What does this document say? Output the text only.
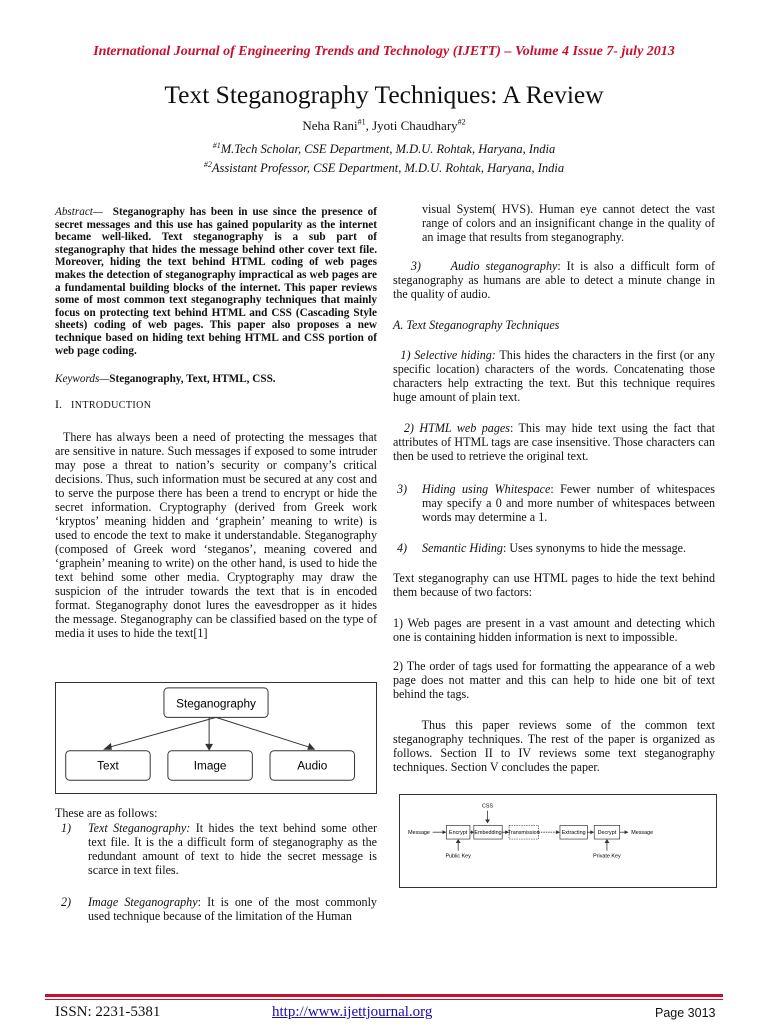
International Journal of Engineering Trends and Technology (IJETT) – Volume 4 Issue 7- july 2013
Text Steganography Techniques: A Review
Neha Rani$^{\#1}$, Jyoti Chaudhary$^{\#2}$
$^{\#1}$M.Tech Scholar, CSE Department, M.D.U. Rohtak, Haryana, India
$^{\#2}$Assistant Professor, CSE Department, M.D.U. Rohtak, Haryana, India
Abstract— Steganography has been in use since the presence of secret messages and this use has gained popularity as the internet became well-liked. Text steganography is a sub part of steganography that hides the message behind other cover text file. Moreover, hiding the text behind HTML coding of web pages makes the detection of steganography impractical as web pages are a fundamental building blocks of the internet. This paper reviews some of most common text steganography techniques that mainly focus on protecting text behind HTML and CSS (Cascading Style sheets) coding of web pages. This paper also proposes a new technique based on hiding text behing HTML and CSS portion of web page coding.
Keywords—Steganography, Text, HTML, CSS.
I. INTRODUCTION
There has always been a need of protecting the messages that are sensitive in nature. Such messages if exposed to some intruder may pose a threat to nation’s security or company’s critical decisions. Thus, such information must be secured at any cost and to serve the purpose there has been a trend to encrypt or hide the secret information. Cryptography (derived from Greek work ‘kryptos’ meaning hidden and ‘graphein’ meaning to write) is used to encode the text to make it understandable. Steganography (composed of Greek word ‘steganos’, meaning covered and ‘graphein’ meaning to write) on the other hand, is used to hide the text behind some other media. Cryptography may draw the suspicion of the intruder towards the text that is in encoded format. Steganography donot lures the eavesdropper as it hides the message. Steganography can be classified based on the type of media it uses to hide the text[1]
Steganography
Text	Image	Audio
These are as follows:
1) Text Steganography: It hides the text behind some other text file. It is the a difficult form of steganography as the redundant amount of text to hide the secret message is scarce in text files.
2) Image Steganography: It is one of the most commonly used technique because of the limitation of the Human
visual System( HVS). Human eye cannot detect the vast range of colors and an insignificant change in the quality of an image that results from steganography.
3) Audio steganography: It is also a difficult form of steganography as humans are able to detect a minute change in the quality of audio.
A. Text Steganography Techniques
1) Selective hiding: This hides the characters in the first (or any specific location) characters of the words. Concatenating those characters help extracting the text. But this technique requires huge amount of plain text.
2) HTML web pages: This may hide text using the fact that attributes of HTML tags are case insensitive. Those characters can then be used to retrieve the original text.
3) Hiding using Whitespace: Fewer number of whitespaces may specify a 0 and more number of whitespaces between words may determine a 1.
4) Semantic Hiding: Uses synonyms to hide the message.
Text steganography can use HTML pages to hide the text behind them because of two factors:
1) Web pages are present in a vast amount and detecting which one is containing hidden information is next to impossible.
2) The order of tags used for formatting the appearance of a web page does not matter and this can help to hide one bit of text behind the tags.
Thus this paper reviews some of the common text steganography techniques. The rest of the paper is organized as follows. Section II to IV reviews some text steganography techniques. Section V concludes the paper.
CSS
Message	Encrypt Embedding Transmission	Extracting Decrypt	Message
Public Key	Private Key
ISSN: 2231-5381	http://www.ijettjournal.org	Page 3013
